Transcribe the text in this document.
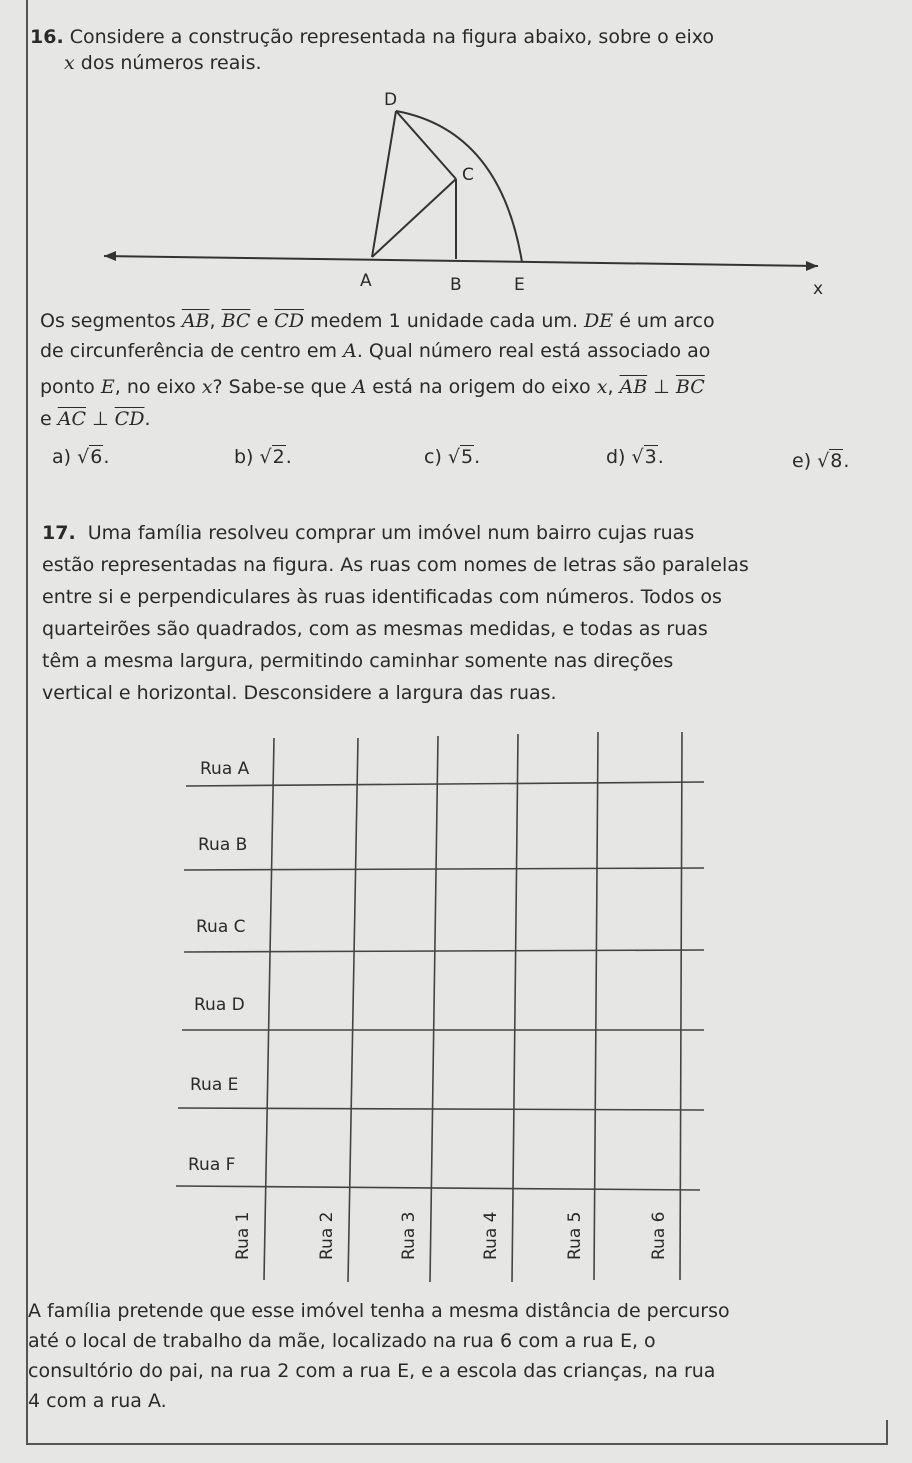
16. Considere a construção representada na figura abaixo, sobre o eixo
x dos números reais.
D
C
A	B	E	x
Os segmentos $\overline{AB}$, $\overline{BC}$ e $\overline{CD}$ medem 1 unidade cada um. DE é um arco
de circunferência de centro em A. Qual número real está associado ao
ponto E, no eixo x? Sabe-se que A está na origem do eixo x, $\overline{AB}$ ⊥ $\overline{BC}$
e $\overline{AC}$ ⊥ $\overline{CD}$.
a) √6.	b) √2.	c) √5.	d) √3.	e) √8.
17. Uma família resolveu comprar um imóvel num bairro cujas ruas
estão representadas na figura. As ruas com nomes de letras são paralelas
entre si e perpendiculares às ruas identificadas com números. Todos os
quarteirões são quadrados, com as mesmas medidas, e todas as ruas
têm a mesma largura, permitindo caminhar somente nas direções
vertical e horizontal. Desconsidere a largura das ruas.
Rua A
Rua B
Rua C
Rua D
Rua E
Rua F
Rua 1	Rua 2	Rua 3	Rua 4	Rua 5	Rua 6
A família pretende que esse imóvel tenha a mesma distância de percurso
até o local de trabalho da mãe, localizado na rua 6 com a rua E, o
consultório do pai, na rua 2 com a rua E, e a escola das crianças, na rua
4 com a rua A.
